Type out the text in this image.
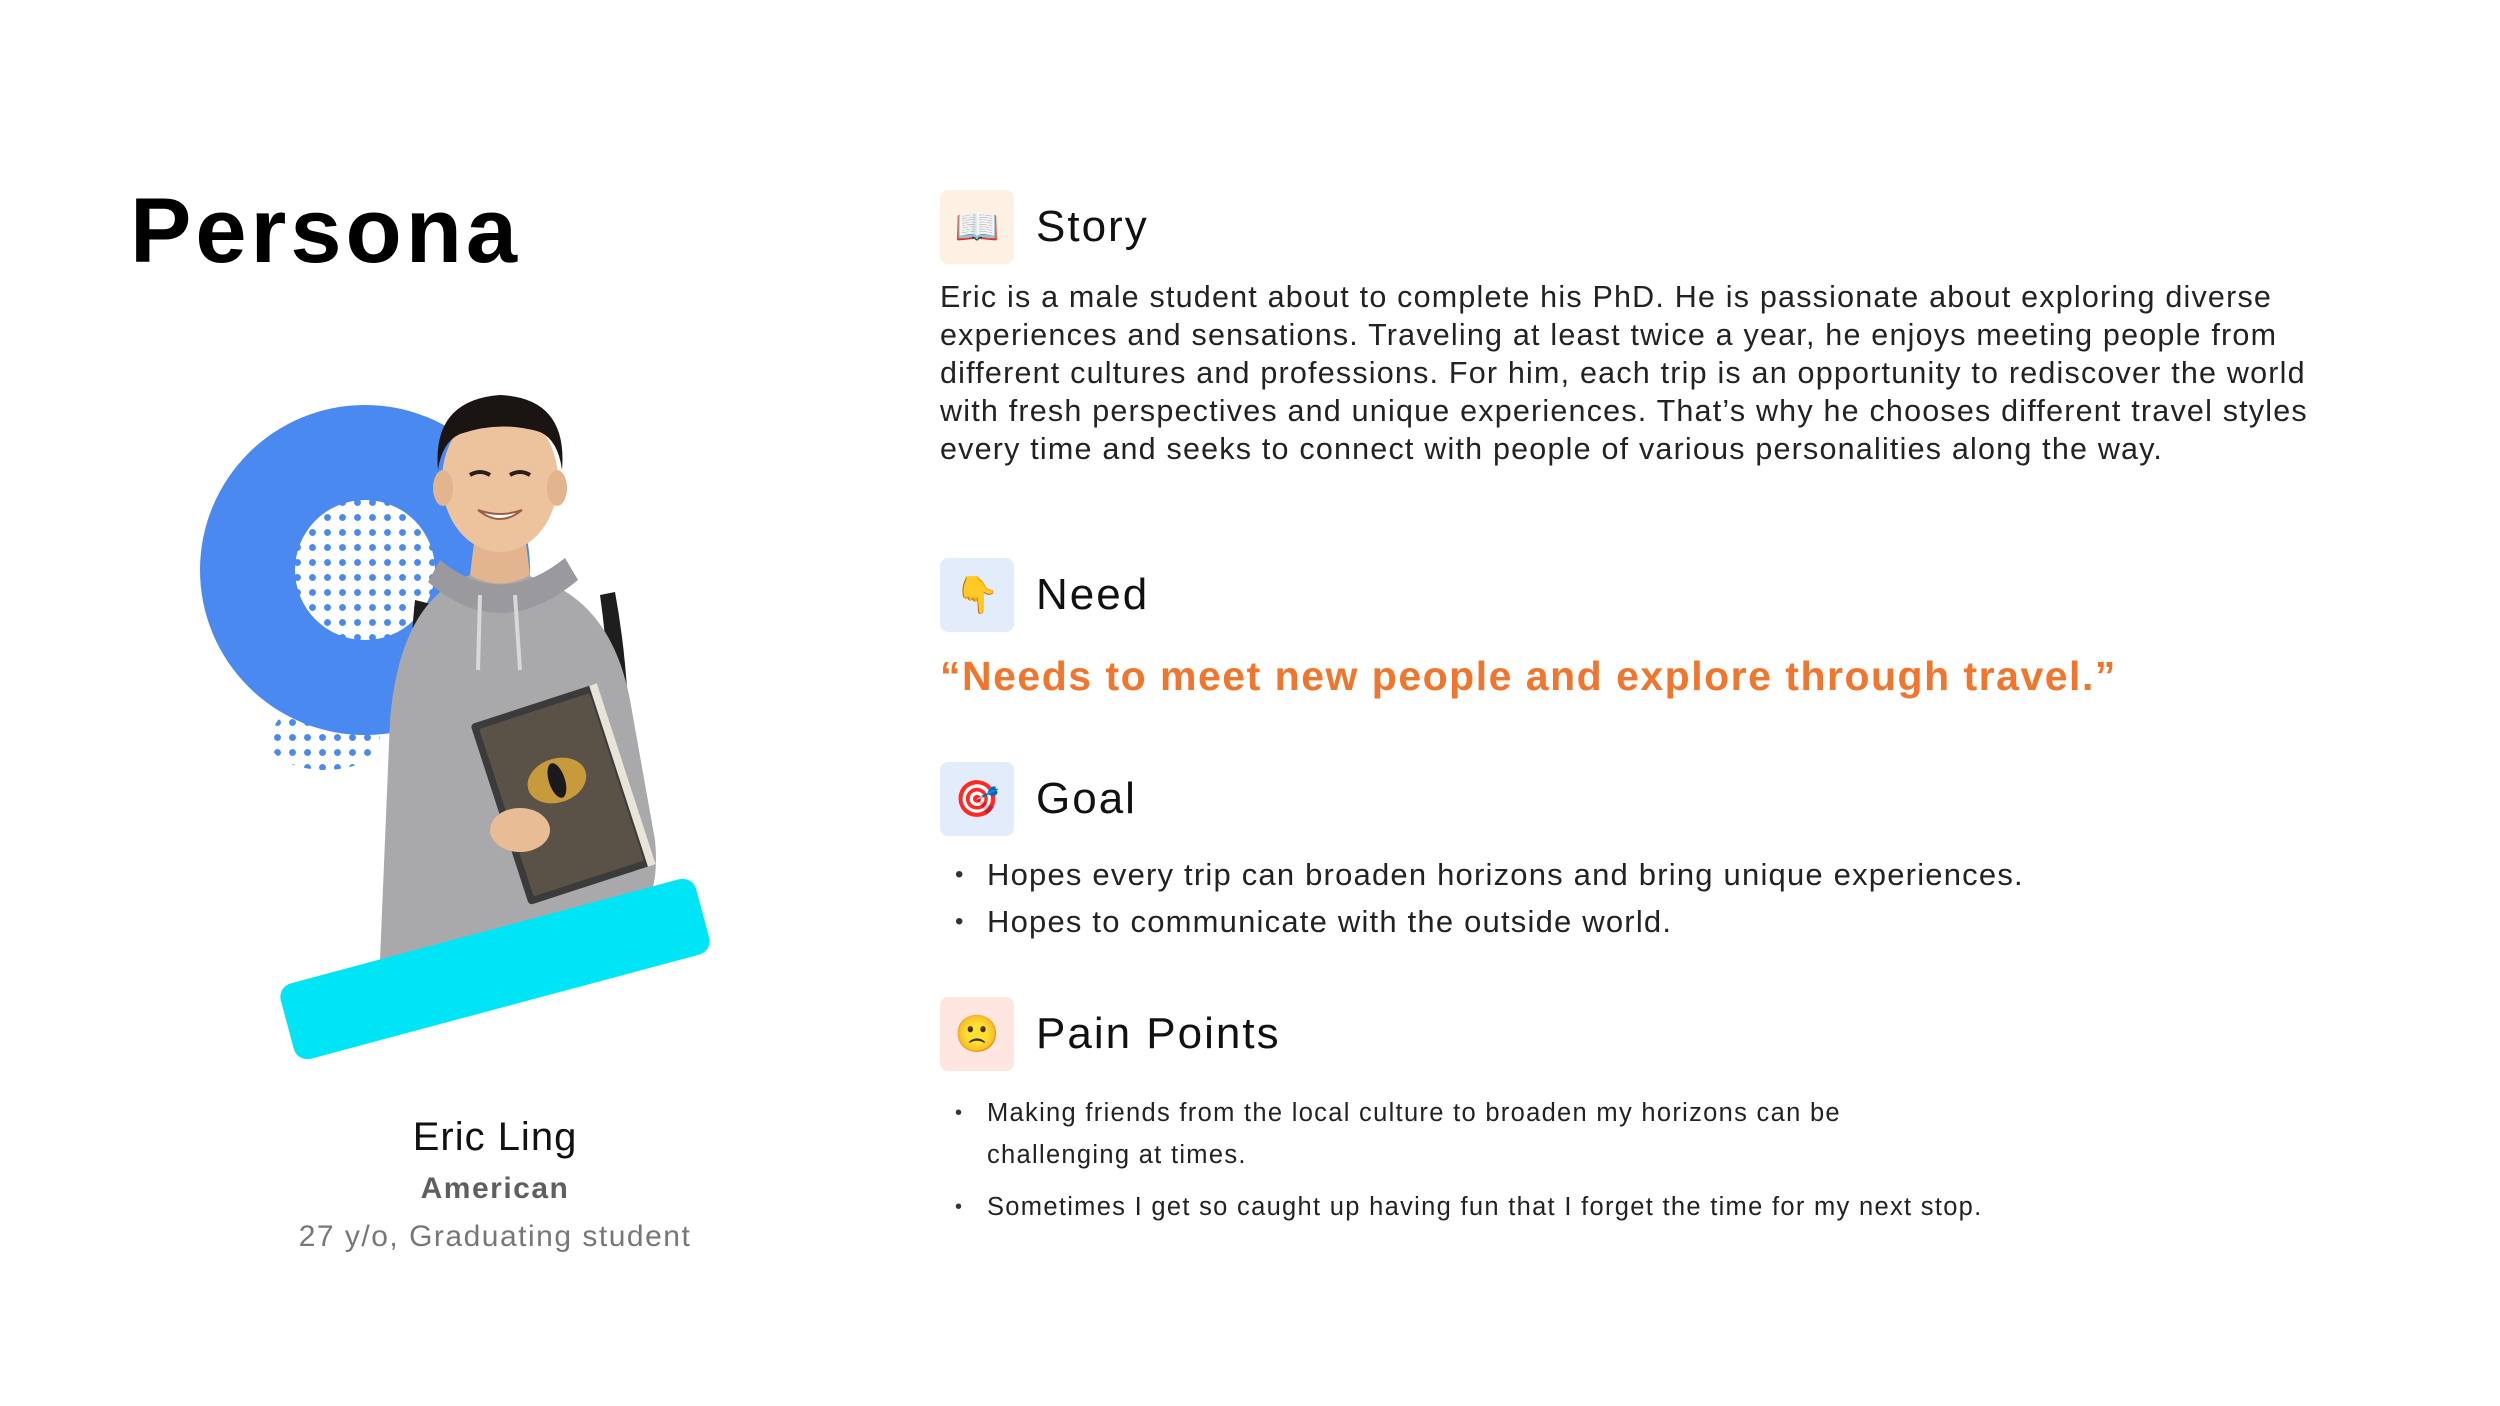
Persona
Eric Ling
American
27 y/o, Graduating student
📖 Story
Eric is a male student about to complete his PhD. He is passionate about exploring diverse experiences and sensations. Traveling at least twice a year, he enjoys meeting people from different cultures and professions. For him, each trip is an opportunity to rediscover the world with fresh perspectives and unique experiences. That’s why he chooses different travel styles every time and seeks to connect with people of various personalities along the way.
👇 Need
“Needs to meet new people and explore through travel.”
🎯 Goal
• Hopes every trip can broaden horizons and bring unique experiences.
• Hopes to communicate with the outside world.
🙁 Pain Points
• Making friends from the local culture to broaden my horizons can be challenging at times.
• Sometimes I get so caught up having fun that I forget the time for my next stop.
